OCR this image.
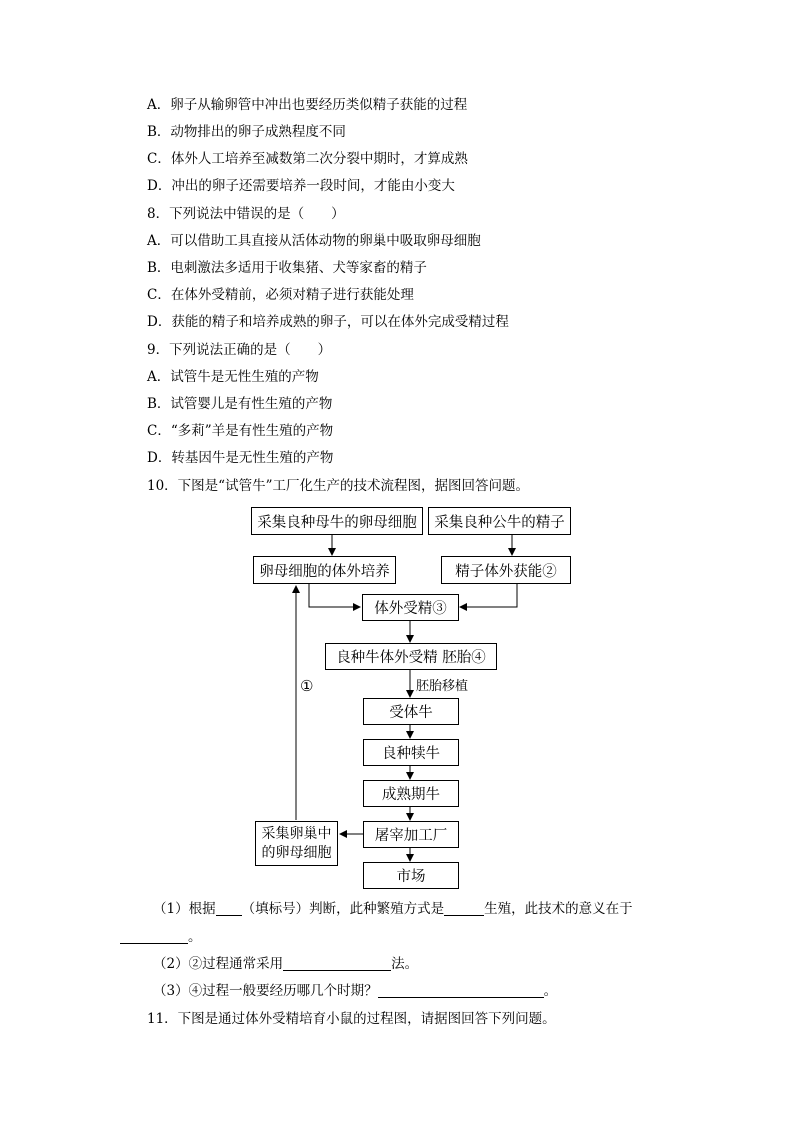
A．卵子从输卵管中冲出也要经历类似精子获能的过程
B．动物排出的卵子成熟程度不同
C．体外人工培养至减数第二次分裂中期时，才算成熟
D．冲出的卵子还需要培养一段时间，才能由小变大
8．下列说法中错误的是（　　）
A．可以借助工具直接从活体动物的卵巢中吸取卵母细胞
B．电刺激法多适用于收集猪、犬等家畜的精子
C．在体外受精前，必须对精子进行获能处理
D．获能的精子和培养成熟的卵子，可以在体外完成受精过程
9．下列说法正确的是（　　）
A．试管牛是无性生殖的产物
B．试管婴儿是有性生殖的产物
C．“多莉”羊是有性生殖的产物
D．转基因牛是无性生殖的产物
10．下图是“试管牛”工厂化生产的技术流程图，据图回答问题。
采集良种母牛的卵母细胞	采集良种公牛的精子
卵母细胞的体外培养	精子体外获能②
体外受精③
良种牛体外受精 胚胎④
胚胎移植
受体牛
良种犊牛
成熟期牛
屠宰加工厂
市场
采集卵巢中
的卵母细胞
①
（1）根据 （填标号）判断，此种繁殖方式是	生殖，此技术的意义在于
。
（2）②过程通常采用	法。
（3）④过程一般要经历哪几个时期？	。
11．下图是通过体外受精培育小鼠的过程图，请据图回答下列问题。
